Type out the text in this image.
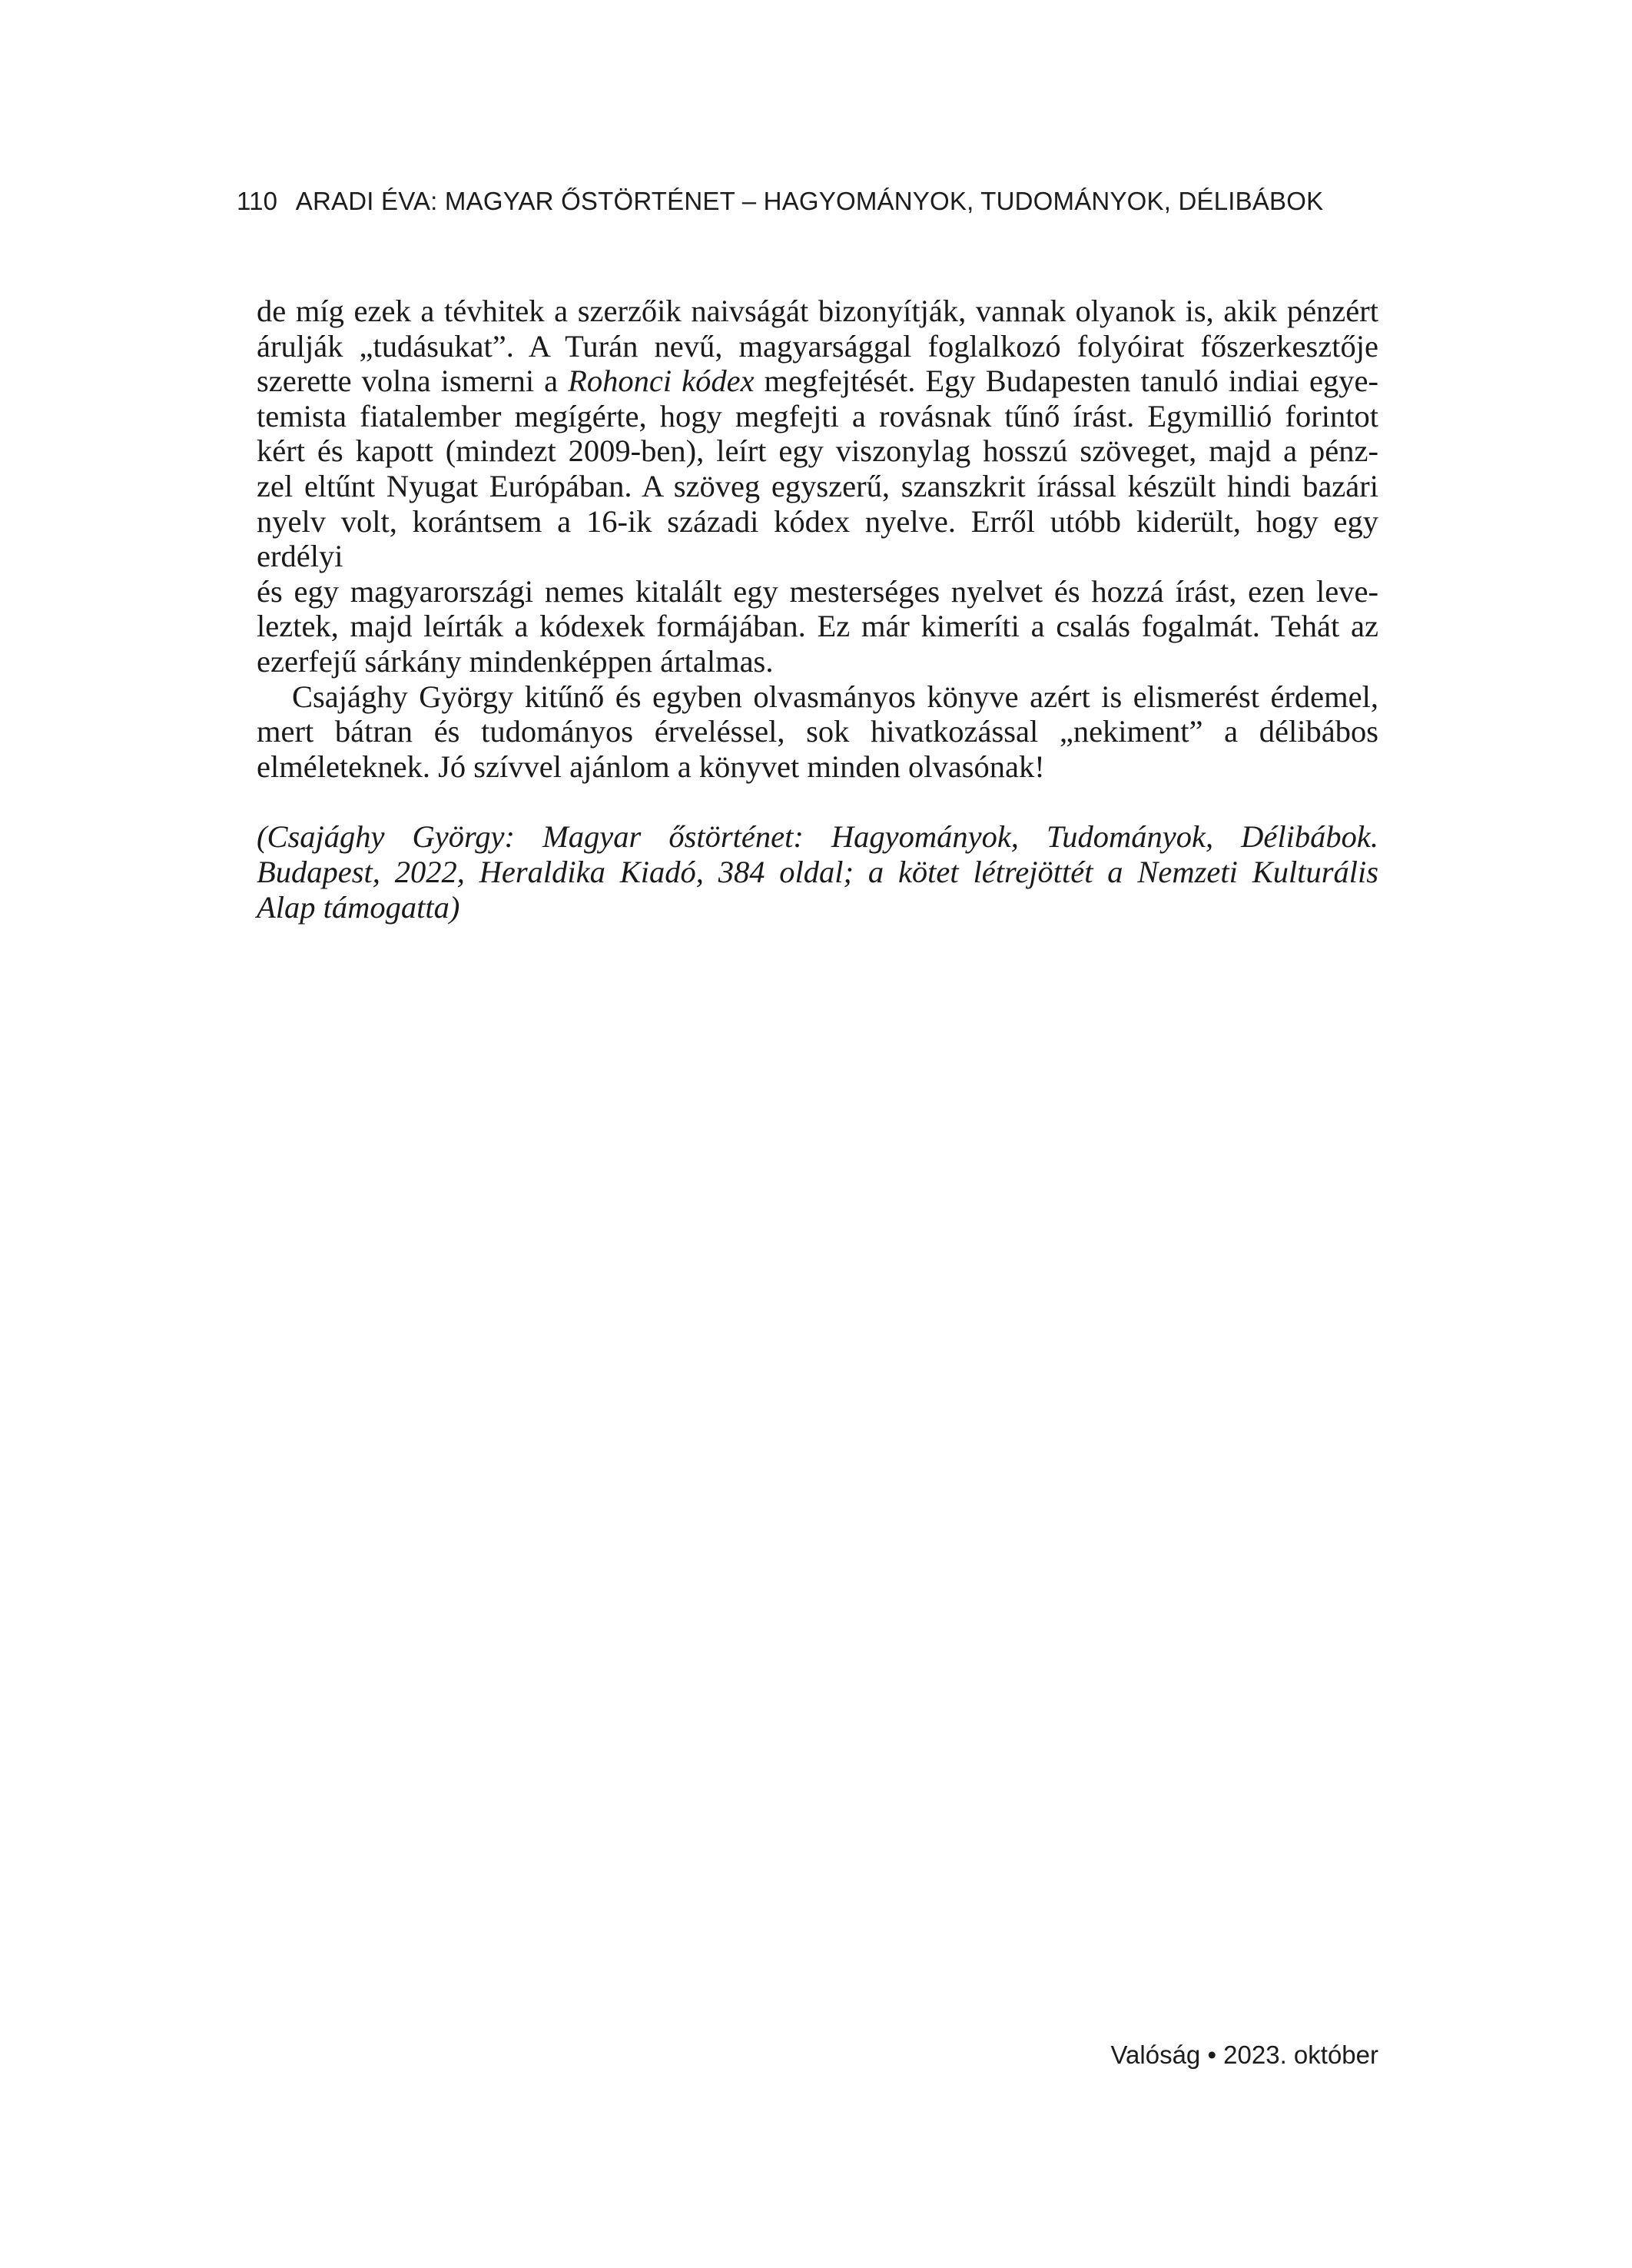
110 ARADI ÉVA: MAGYAR ŐSTÖRTÉNET – HAGYOMÁNYOK, TUDOMÁNYOK, DÉLIBÁBOK

de míg ezek a tévhitek a szerzőik naivságát bizonyítják, vannak olyanok is, akik pénzért

árulják „tudásukat”. A Turán nevű, magyarsággal foglalkozó folyóirat főszerkesztője

szerette volna ismerni a Rohonci kódex megfejtését. Egy Budapesten tanuló indiai egye-

temista fiatalember megígérte, hogy megfejti a rovásnak tűnő írást. Egymillió forintot

kért és kapott (mindezt 2009-ben), leírt egy viszonylag hosszú szöveget, majd a pénz-

zel eltűnt Nyugat Európában. A szöveg egyszerű, szanszkrit írással készült hindi bazári

nyelv volt, korántsem a 16-ik századi kódex nyelve. Erről utóbb kiderült, hogy egy erdélyi

és egy magyarországi nemes kitalált egy mesterséges nyelvet és hozzá írást, ezen leve-

leztek, majd leírták a kódexek formájában. Ez már kimeríti a csalás fogalmát. Tehát az

ezerfejű sárkány mindenképpen ártalmas.

Csajághy György kitűnő és egyben olvasmányos könyve azért is elismerést érdemel,

mert bátran és tudományos érveléssel, sok hivatkozással „nekiment” a délibábos

elméleteknek. Jó szívvel ajánlom a könyvet minden olvasónak!

(Csajághy György: Magyar őstörténet: Hagyományok, Tudományok, Délibábok.

Budapest, 2022, Heraldika Kiadó, 384 oldal; a kötet létrejöttét a Nemzeti Kulturális

Alap támogatta)

Valóság • 2023. október
